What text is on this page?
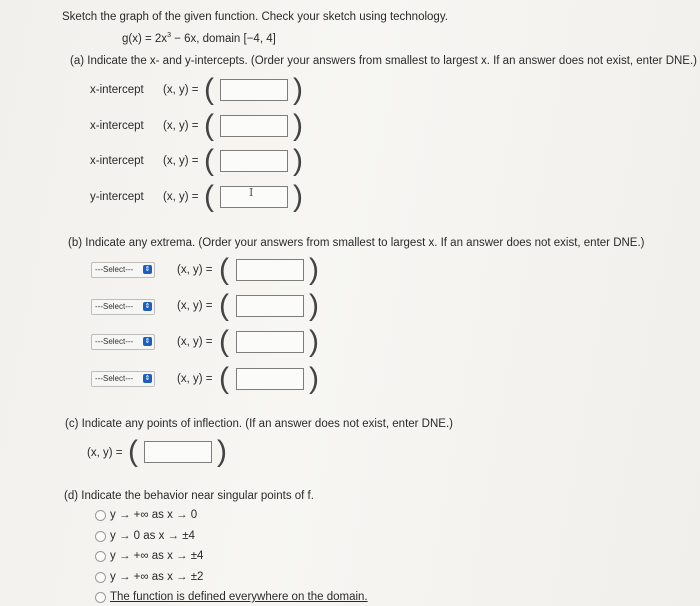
Sketch the graph of the given function. Check your sketch using technology.
$g(x) = 2x^3 - 6x$, domain [−4, 4]
(a) Indicate the x- and y-intercepts. (Order your answers from smallest to largest x. If an answer does not exist, enter DNE.)
x-intercept (x, y) = (	)
x-intercept (x, y) = (	)
x-intercept (x, y) = (	)
y-intercept (x, y) = (	I )
(b) Indicate any extrema. (Order your answers from smallest to largest x. If an answer does not exist, enter DNE.)
---Select--- ⇕ (x, y) = (	)
---Select--- ⇕ (x, y) = (	)
---Select--- ⇕ (x, y) = (	)
---Select--- ⇕ (x, y) = (	)
(c) Indicate any points of inflection. (If an answer does not exist, enter DNE.)
(x, y) = (	)
(d) Indicate the behavior near singular points of f.
y → +∞ as x → 0
y → 0 as x → ±4
y → +∞ as x → ±4
y → +∞ as x → ±2
The function is defined everywhere on the domain.
